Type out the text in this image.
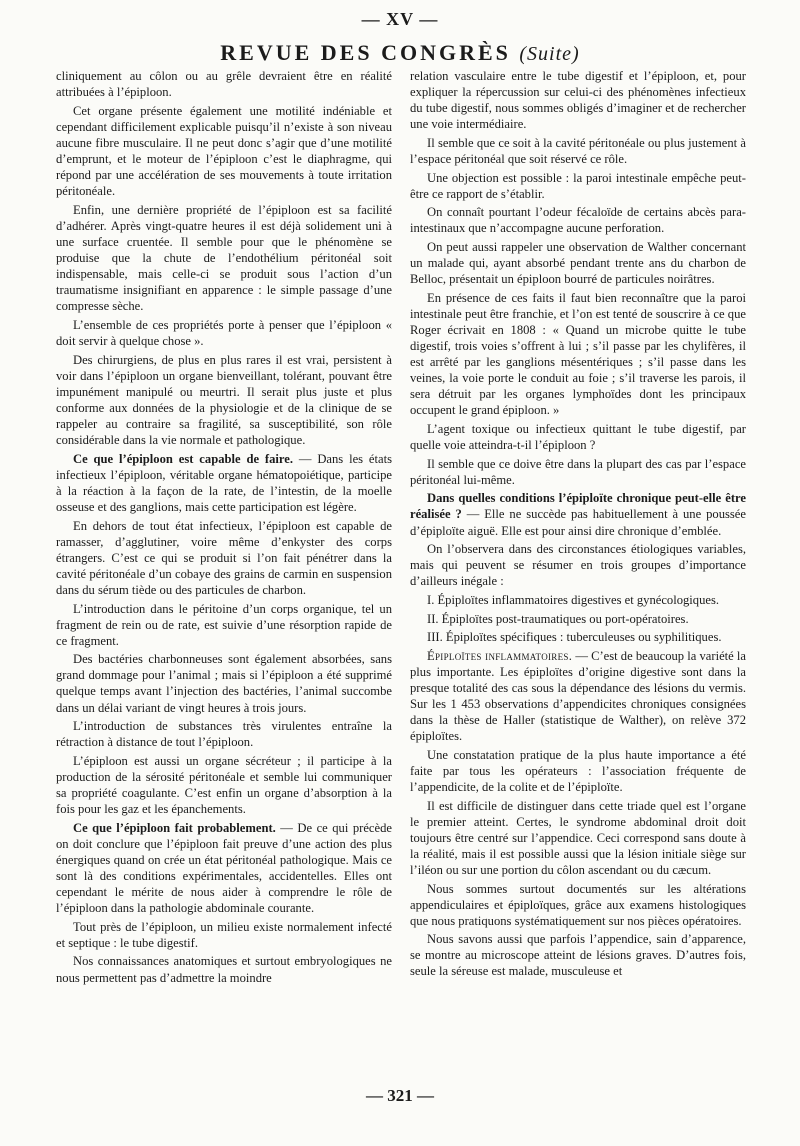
— XV —
REVUE DES CONGRÈS (Suite)

cliniquement au côlon ou au grêle devraient être en réalité attribuées à l’épiploon.

Cet organe présente également une motilité indéniable et cependant difficilement explicable puisqu’il n’existe à son niveau aucune fibre musculaire. Il ne peut donc s’agir que d’une motilité d’emprunt, et le moteur de l’épiploon c’est le diaphragme, qui répond par une accélération de ses mouvements à toute irritation péritonéale.

Enfin, une dernière propriété de l’épiploon est sa facilité d’adhérer. Après vingt-quatre heures il est déjà solidement uni à une surface cruentée. Il semble pour que le phénomène se produise que la chute de l’endothélium péritonéal soit indispensable, mais celle-ci se produit sous l’action d’un traumatisme insignifiant en apparence : le simple passage d’une compresse sèche.

L’ensemble de ces propriétés porte à penser que l’épiploon « doit servir à quelque chose ».

Des chirurgiens, de plus en plus rares il est vrai, persistent à voir dans l’épiploon un organe bienveillant, tolérant, pouvant être impunément manipulé ou meurtri. Il serait plus juste et plus conforme aux données de la physiologie et de la clinique de se rappeler au contraire sa fragilité, sa susceptibilité, son rôle considérable dans la vie normale et pathologique.

Ce que l’épiploon est capable de faire. — Dans les états infectieux l’épiploon, véritable organe hématopoiétique, participe à la réaction à la façon de la rate, de l’intestin, de la moelle osseuse et des ganglions, mais cette participation est légère.

En dehors de tout état infectieux, l’épiploon est capable de ramasser, d’agglutiner, voire même d’enkyster des corps étrangers. C’est ce qui se produit si l’on fait pénétrer dans la cavité péritonéale d’un cobaye des grains de carmin en suspension dans du sérum tiède ou des particules de charbon.

L’introduction dans le péritoine d’un corps organique, tel un fragment de rein ou de rate, est suivie d’une résorption rapide de ce fragment.

Des bactéries charbonneuses sont également absorbées, sans grand dommage pour l’animal ; mais si l’épiploon a été supprimé quelque temps avant l’injection des bactéries, l’animal succombe dans un délai variant de vingt heures à trois jours.

L’introduction de substances très virulentes entraîne la rétraction à distance de tout l’épiploon.

L’épiploon est aussi un organe sécréteur ; il participe à la production de la sérosité péritonéale et semble lui communiquer sa propriété coagulante. C’est enfin un organe d’absorption à la fois pour les gaz et les épanchements.

Ce que l’épiploon fait probablement. — De ce qui précède on doit conclure que l’épiploon fait preuve d’une action des plus énergiques quand on crée un état péritonéal pathologique. Mais ce sont là des conditions expérimentales, accidentelles. Elles ont cependant le mérite de nous aider à comprendre le rôle de l’épiploon dans la pathologie abdominale courante.

Tout près de l’épiploon, un milieu existe normalement infecté et septique : le tube digestif.

Nos connaissances anatomiques et surtout embryologiques ne nous permettent pas d’admettre la moindre

relation vasculaire entre le tube digestif et l’épiploon, et, pour expliquer la répercussion sur celui-ci des phénomènes infectieux du tube digestif, nous sommes obligés d’imaginer et de rechercher une voie intermédiaire.

Il semble que ce soit à la cavité péritonéale ou plus justement à l’espace péritonéal que soit réservé ce rôle.

Une objection est possible : la paroi intestinale empêche peut-être ce rapport de s’établir.

On connaît pourtant l’odeur fécaloïde de certains abcès para-intestinaux que n’accompagne aucune perforation.

On peut aussi rappeler une observation de Walther concernant un malade qui, ayant absorbé pendant trente ans du charbon de Belloc, présentait un épiploon bourré de particules noirâtres.

En présence de ces faits il faut bien reconnaître que la paroi intestinale peut être franchie, et l’on est tenté de souscrire à ce que Roger écrivait en 1808 : « Quand un microbe quitte le tube digestif, trois voies s’offrent à lui ; s’il passe par les chylifères, il est arrêté par les ganglions mésentériques ; s’il passe dans les veines, la voie porte le conduit au foie ; s’il traverse les parois, il sera détruit par les organes lymphoïdes dont les principaux occupent le grand épiploon. »

L’agent toxique ou infectieux quittant le tube digestif, par quelle voie atteindra-t-il l’épiploon ?

Il semble que ce doive être dans la plupart des cas par l’espace péritonéal lui-même.

Dans quelles conditions l’épiploïte chronique peut-elle être réalisée ? — Elle ne succède pas habituellement à une poussée d’épiploïte aiguë. Elle est pour ainsi dire chronique d’emblée.

On l’observera dans des circonstances étiologiques variables, mais qui peuvent se résumer en trois groupes d’importance d’ailleurs inégale :

I. Épiploïtes inflammatoires digestives et gynécologiques.

II. Épiploïtes post-traumatiques ou port-opératoires.

III. Épiploïtes spécifiques : tuberculeuses ou syphilitiques.

Épiploïtes inflammatoires. — C’est de beaucoup la variété la plus importante. Les épiploïtes d’origine digestive sont dans la presque totalité des cas sous la dépendance des lésions du vermis. Sur les 1 453 observations d’appendicites chroniques consignées dans la thèse de Haller (statistique de Walther), on relève 372 épiploïtes.

Une constatation pratique de la plus haute importance a été faite par tous les opérateurs : l’association fréquente de l’appendicite, de la colite et de l’épiploïte.

Il est difficile de distinguer dans cette triade quel est l’organe le premier atteint. Certes, le syndrome abdominal droit doit toujours être centré sur l’appendice. Ceci correspond sans doute à la réalité, mais il est possible aussi que la lésion initiale siège sur l’iléon ou sur une portion du côlon ascendant ou du cæcum.

Nous sommes surtout documentés sur les altérations appendiculaires et épiploïques, grâce aux examens histologiques que nous pratiquons systématiquement sur nos pièces opératoires.

Nous savons aussi que parfois l’appendice, sain d’apparence, se montre au microscope atteint de lésions graves. D’autres fois, seule la séreuse est malade, musculeuse et

— 321 —
